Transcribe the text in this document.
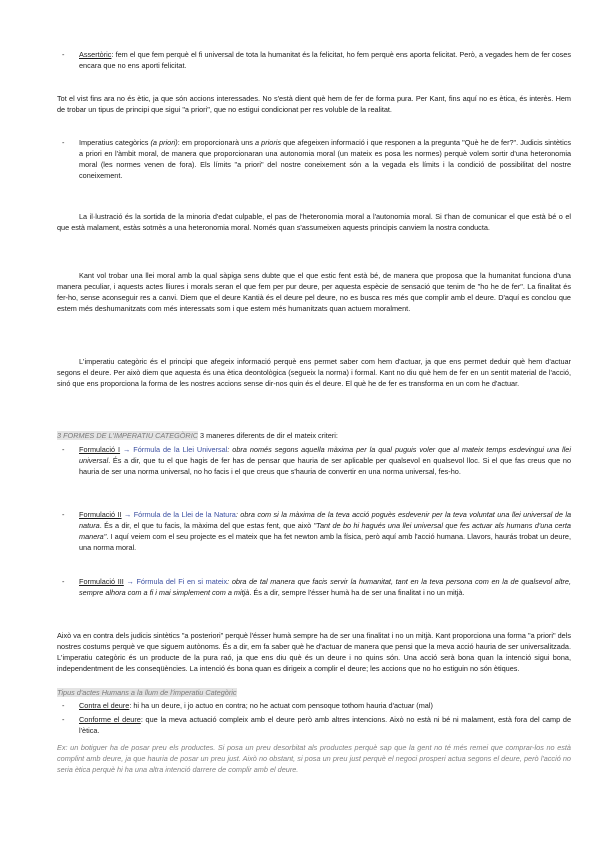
-	Assertòric: fem el que fem perquè el fi universal de tota la humanitat és la felicitat, ho fem perquè ens aporta felicitat. Però, a vegades hem de fer coses encara que no ens aporti felicitat.

Tot el vist fins ara no és ètic, ja que són accions interessades. No s'està dient què hem de fer de forma pura. Per Kant, fins aquí no es ètica, és interès. Hem de trobar un tipus de principi que sigui "a priori", que no estigui condicionat per res voluble de la realitat.

-	Imperatius categòrics (a priori): em proporcionarà uns a prioris que afegeixen informació i que responen a la pregunta "Què he de fer?". Judicis sintètics a priori en l'àmbit moral, de manera que proporcionaran una autonomia moral (un mateix es posa les normes) perquè volem sortir d'una heteronomia moral (les normes venen de fora). Els límits "a priori" del nostre coneixement són a la vegada els límits i la condició de possibilitat del nostre coneixement.

La il·lustració és la sortida de la minoria d'edat culpable, el pas de l'heteronomia moral a l'autonomia moral. Si t'han de comunicar el que està bé o el que està malament, estàs sotmès a una heteronomia moral. Només quan s'assumeixen aquests principis canviem la nostra conducta.

Kant vol trobar una llei moral amb la qual sàpiga sens dubte que el que estic fent està bé, de manera que proposa que la humanitat funciona d'una manera peculiar, i aquests actes lliures i morals seran el que fem per pur deure, per aquesta espècie de sensació que tenim de "ho he de fer". La finalitat és fer-ho, sense aconseguir res a canvi. Diem que el deure Kantià és el deure pel deure, no es busca res més que complir amb el deure. D'aquí es conclou que estem més deshumanitzats com més interessats som i que estem més humanitzats quan actuem moralment.

L'imperatiu categòric és el principi que afegeix informació perquè ens permet saber com hem d'actuar, ja que ens permet deduir què hem d'actuar segons el deure. Per això diem que aquesta és una ètica deontològica (segueix la norma) i formal. Kant no diu què hem de fer en un sentit material de l'acció, sinó que ens proporciona la forma de les nostres accions sense dir-nos quin és el deure. El què he de fer es transforma en un com he d'actuar.

3 FORMES DE L'IMPERATIU CATEGÒRIC 3 maneres diferents de dir el mateix criteri:

-	Formulació I → Fórmula de la Llei Universal: obra només segons aquella màxima per la qual puguis voler que al mateix temps esdevingui una llei universal. És a dir, que tu el que hagis de fer has de pensar que hauria de ser aplicable per qualsevol en qualsevol lloc. Si el que fas creus que no hauria de ser una norma universal, no ho facis i el que creus que s'hauria de convertir en una norma universal, fes-ho.

-	Formulació II → Fórmula de la Llei de la Natura: obra com si la màxima de la teva acció poguès esdevenir per la teva voluntat una llei universal de la natura. És a dir, el que tu facis, la màxima del que estas fent, que això "Tant de bo hi hagués una llei universal que fes actuar als humans d'una certa manera". I aquí veiem com el seu projecte es el mateix que ha fet newton amb la física, però aquí amb l'acció humana. Llavors, haurás trobat un deure, una norma moral.

-	Formulació III → Fórmula del Fi en si mateix: obra de tal manera que facis servir la humanitat, tant en la teva persona com en la de qualsevol altre, sempre alhora com a fi i mai simplement com a mitjà. És a dir, sempre l'ésser humà ha de ser una finalitat i no un mitjà.

Això va en contra dels judicis sintètics "a posteriori" perquè l'ésser humà sempre ha de ser una finalitat i no un mitjà. Kant proporciona una forma "a priori" dels nostres costums perquè ve que siguem autònoms. És a dir, em fa saber què he d'actuar de manera que pensi que la meva acció hauria de ser universalitzada. L'imperatiu categòric és un producte de la pura raó, ja que ens diu què és un deure i no quins són. Una acció serà bona quan la intenció sigui bona, independentment de les conseqüències. La intenció és bona quan es dirigeix a complir el deure; les accions que no ho estiguin no són ètiques.

Tipus d'actes Humans a la llum de l'imperatiu Categòric

-	Contra el deure: hi ha un deure, i jo actuo en contra; no he actuat com pensoque tothom hauria d'actuar (mal)

-	Conforme el deure: que la meva actuació compleix amb el deure però amb altres intencions. Això no està ni bé ni malament, està fora del camp de l'ètica.

Ex: un botiguer ha de posar preu els productes. Si posa un preu desorbitat als productes perquè sap que la gent no té més remei que comprar-los no està complint amb deure, ja que hauria de posar un preu just. Això no obstant, si posa un preu just perquè el negoci prosperi actua segons el deure, però l'acció no seria ètica perquè hi ha una altra intenció darrere de complir amb el deure.
